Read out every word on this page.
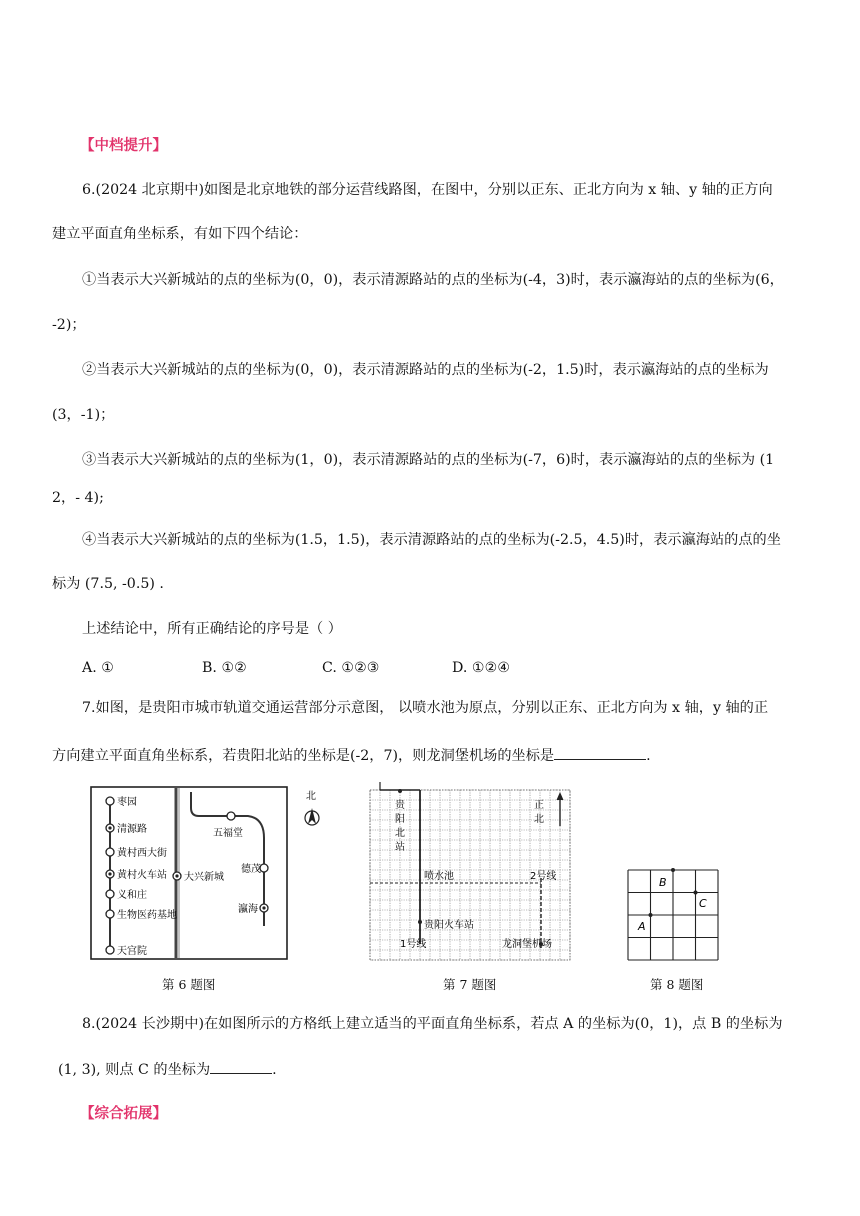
【中档提升】
6.(2024 北京期中)如图是北京地铁的部分运营线路图，在图中，分别以正东、正北方向为 x 轴、y 轴的正方向
建立平面直角坐标系，有如下四个结论：
①当表示大兴新城站的点的坐标为(0，0)，表示清源路站的点的坐标为(-4，3)时，表示瀛海站的点的坐标为(6，
-2)；
②当表示大兴新城站的点的坐标为(0，0)，表示清源路站的点的坐标为(-2，1.5)时，表示瀛海站的点的坐标为
(3，-1)；
③当表示大兴新城站的点的坐标为(1，0)，表示清源路站的点的坐标为(-7，6)时，表示瀛海站的点的坐标为 (1
2，- 4);
④当表示大兴新城站的点的坐标为(1.5，1.5)，表示清源路站的点的坐标为(-2.5，4.5)时，表示瀛海站的点的坐
标为 (7.5, -0.5) .
上述结论中，所有正确结论的序号是（ ）
A. ①	B. ①②	C. ①②③	D. ①②④
7.如图，是贵阳市城市轨道交通运营部分示意图， 以喷水池为原点，分别以正东、正北方向为 x 轴，y 轴的正
方向建立平面直角坐标系，若贵阳北站的坐标是(-2，7)，则龙洞堡机场的坐标是	.
枣园
清源路
黄村西大街
黄村火车站
义和庄
生物医药基地
天宫院
五福堂
大兴新城
德茂
瀛海
北
第 6 题图
贵
阳
北
站
正
北
喷水池	2号线
贵阳火车站
1号线	龙洞堡机场
第 7 题图
A
B
C
第 8 题图
8.(2024 长沙期中)在如图所示的方格纸上建立适当的平面直角坐标系，若点 A 的坐标为(0，1)，点 B 的坐标为
(1, 3), 则点 C 的坐标为	.
【综合拓展】
